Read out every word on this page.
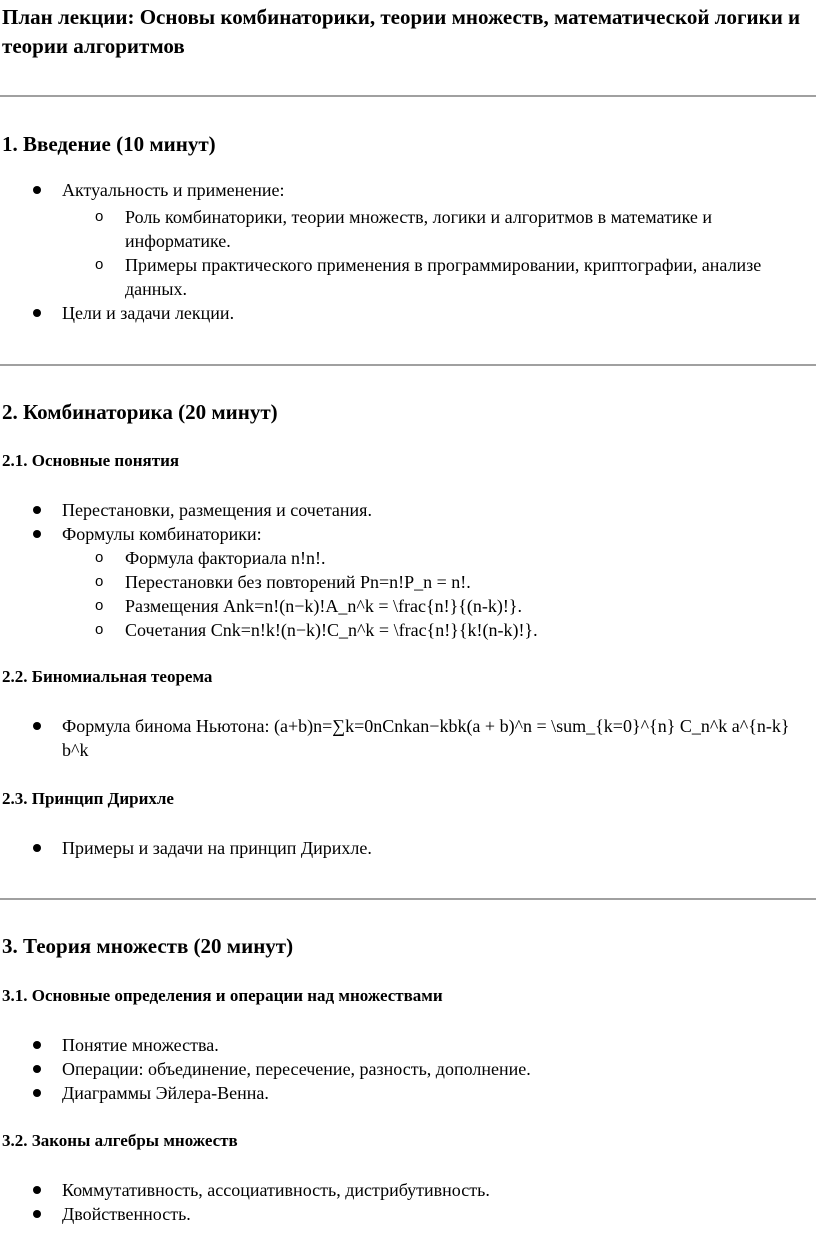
План лекции: Основы комбинаторики, теории множеств, математической логики и теории алгоритмов
1. Введение (10 минут)

Актуальность и применение:

o Роль комбинаторики, теории множеств, логики и алгоритмов в математике и информатике.

o Примеры практического применения в программировании, криптографии, анализе данных.

Цели и задачи лекции.

2. Комбинаторика (20 минут)
2.1. Основные понятия

Перестановки, размещения и сочетания.

Формулы комбинаторики:

o Формула факториала n!n!.

o Перестановки без повторений Pn=n!P_n = n!.

o Размещения Ank=n!(n−k)!A_n^k = \frac{n!}{(n-k)!}.

o Сочетания Cnk=n!k!(n−k)!C_n^k = \frac{n!}{k!(n-k)!}.

2.2. Биномиальная теорема

Формула бинома Ньютона: (a+b)n=∑k=0nCnkan−kbk(a + b)^n = \sum_{k=0}^{n} C_n^k a^{n-k} b^k

2.3. Принцип Дирихле

Примеры и задачи на принцип Дирихле.

3. Теория множеств (20 минут)
3.1. Основные определения и операции над множествами

Понятие множества.

Операции: объединение, пересечение, разность, дополнение.

Диаграммы Эйлера-Венна.

3.2. Законы алгебры множеств

Коммутативность, ассоциативность, дистрибутивность.

Двойственность.
